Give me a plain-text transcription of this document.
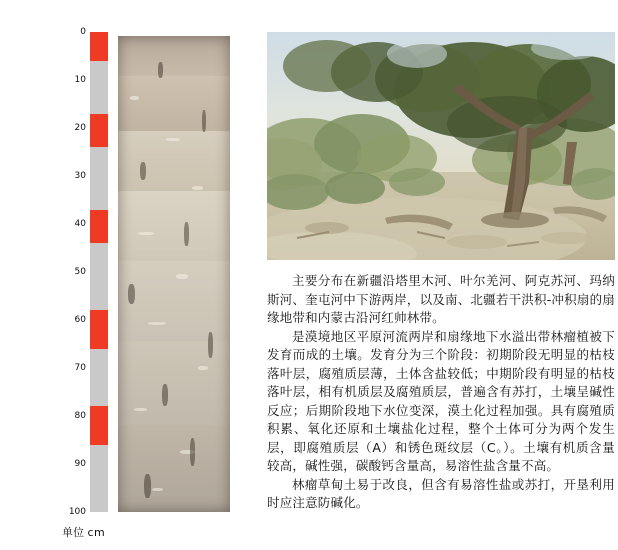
0
10
20
30
40
50
60
70
80
90
100
单位 cm

主要分布在新疆沿塔里木河、叶尔羌河、阿克苏河、玛纳斯河、奎屯河中下游两岸，以及南、北疆若干洪积-冲积扇的扇缘地带和内蒙古沿河红帅林带。

是漠境地区平原河流两岸和扇缘地下水溢出带林瘤植被下发育而成的土壤。发育分为三个阶段：初期阶段无明显的枯枝落叶层，腐殖质层薄，土体含盐较低；中期阶段有明显的枯枝落叶层，相有机质层及腐殖质层，普遍含有苏打，土壤呈碱性反应；后期阶段地下水位变深，漠土化过程加强。具有腐殖质积累、氧化还原和土壤盐化过程，整个土体可分为两个发生层，即腐殖质层（A）和锈色斑纹层（C。）。土壤有机质含量较高，碱性强，碳酸钙含量高，易溶性盐含量不高。

林瘤草甸土易于改良，但含有易溶性盐或苏打，开垦利用时应注意防碱化。
